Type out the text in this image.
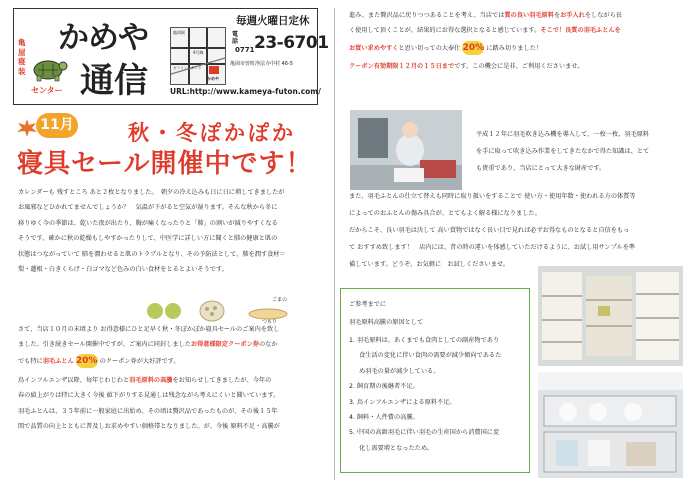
かめや
通信
亀屋寝装
センター
毎週火曜日定休
亀岡駅
9号線
ガソリンスタンド
かめや
電話
0771 23-6701
亀岡市曽町浄法寺中村 46-5
URL:http://www.kameya-futon.com/
11月	秋・冬ぽかぽか
寝具セール開催中です！
カレンダーも 残すところ あと２枚となりました。　朝夕の冷え込みも日に日に増してきましたが
お風邪などひかれてませんでしょうか？　気温が下がると空気が湿ります。そんな秋から冬に
移りゆく今の季節は、乾いた夜が出たり、胸が痛くなったりと「肺」の割いが減りやすくなる
そうです。確かに秋の乾燥もしやすかったりして、中医学に詳しい方に聞くと肺の健康と肌の
状態はつながっていて 肺を潤わせると肌のトラブルとなり、その予防法として、肺を潤す食材＝
梨・蓮根・白きくらげ・白ゴマなど色みの白い食材をとるとよいそうです。
ごまの
つもり
さて、当店１０月の末頃より お得意様にひと足早く秋・冬ぽかぽか寝具セールのご案内を致し
ました。引き続きセール開催中ですが、ご案内に同封しましたお得意様限定クーポン券のなか
でも特に羽毛ふとん 20% のクーポン券が大好評です。
鳥インフルエンザ以降、毎年じわじわと羽毛原料の高騰をお知らせしてきましたが、今年の
春の値上がりは特に大きく今後 値下がりする見通しは残念ながら考えにくいと聞いています。
羽毛ふとんは、３５年前に一般家庭に出始め、その頃は贅沢品であったものが、その後１５年
間で品質の向上とともに普及しお求めやすい価格帯となりました。が、今後 原料不足・高騰が
進み、また贅沢品に戻りつつあることを考え、当店では質の良い羽毛原料をお手入れをしながら長
く使用して頂くことが、結果的にお得な選択となると感じています。そこで！良質の羽毛ふとんを
お買い求めやすくと思い切っての大奉仕 20% に踏み切りました！
クーポン有効期限１２月の１５日までです。この機会に是非、ご利用くださいませ。
平成１２年に羽毛吹き込み機を導入して、一枚一枚、羽毛原料
を手に取って吹き込み作業をしてきたなかで得た知識は、とて
も貴重であり、当店にとって大きな財産です。
また、羽毛ふとんの仕立て替えも同時に取り扱いをすることで 使い方・使用年数・使われる方の体質等
によってのおふとんの傷み具合が、とてもよく解る様になりました。
だからこそ、良い羽毛は決して 高い買物ではなく長い目で見れば必ずお得なものとなると自信をもっ
て おすすめ致します！　店内には、昔の時の違いを体感していただけるように、お試し用サンプルを準
備しています。どうぞ、お気軽に　お試しくださいませ。
ご参考までに
羽毛原料高騰の原因として
1. 羽毛原料は、あくまでも食肉としての副産物であり
食生活の変化に伴い食肉の需要が減少傾向であるた
め羽毛の量が減少している。
2. 飼育期の後継者不足。
3. 鳥インフルエンザによる原料不足。
4. 飼料・人件費の高騰。
5. 中国の高級羽毛に伴い羽毛の生産国から消費国に変
化し需要増となったため。
